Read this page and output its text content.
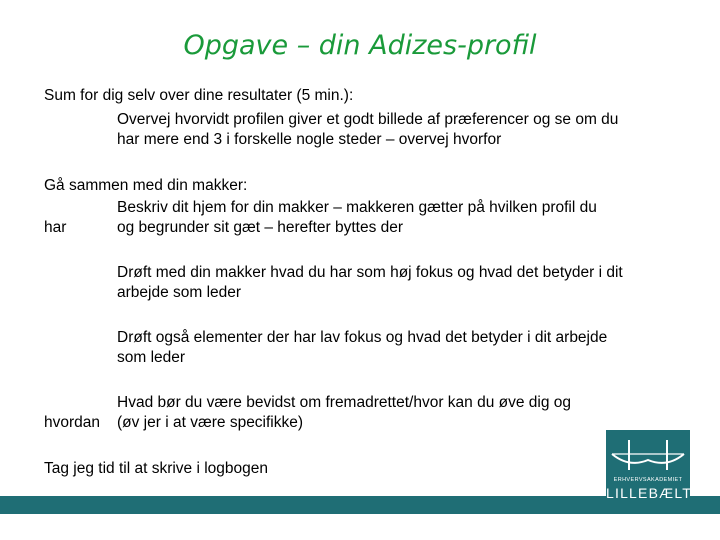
Opgave – din Adizes-profil
Sum for dig selv over dine resultater (5 min.):
Overvej hvorvidt profilen giver et godt billede af præferencer og se om du
har mere end 3 i forskelle nogle steder – overvej hvorfor
Gå sammen med din makker:
Beskriv dit hjem for din makker – makkeren gætter på hvilken profil du
har	og begrunder sit gæt – herefter byttes der
Drøft med din makker hvad du har som høj fokus og hvad det betyder i dit
arbejde som leder
Drøft også elementer der har lav fokus og hvad det betyder i dit arbejde
som leder
Hvad bør du være bevidst om fremadrettet/hvor kan du øve dig og
hvordan (øv jer i at være specifikke)
Tag jeg tid til at skrive i logbogen
ERHVERVSAKADEMIET
LILLEBÆLT
